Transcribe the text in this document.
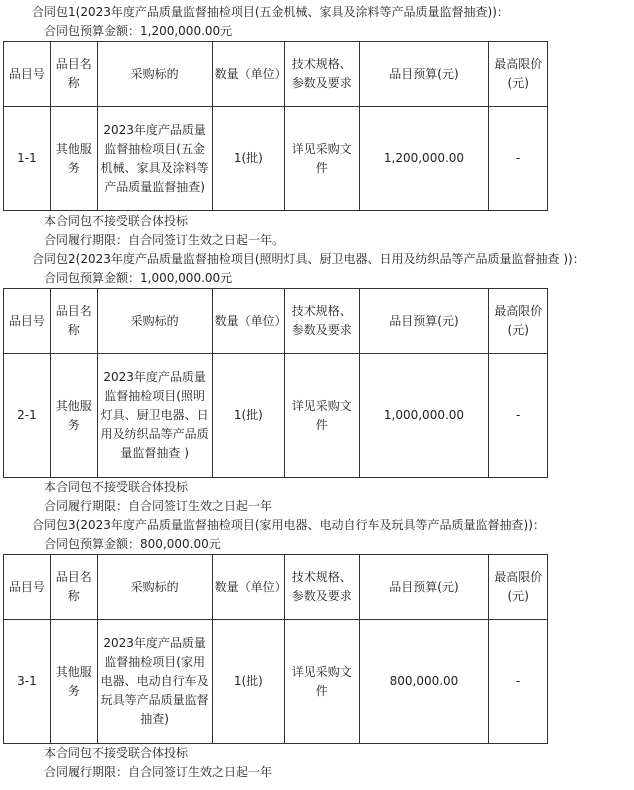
合同包1(2023年度产品质量监督抽检项目(五金机械、家具及涂料等产品质量监督抽查))：
合同包预算金额：1,200,000.00元
品目号	品目名称	采购标的	数量（单位）	技术规格、参数及要求	品目预算(元)	最高限价(元)
1-1	其他服务	2023年度产品质量监督抽检项目(五金机械、家具及涂料等产品质量监督抽查)	1(批)	详见采购文件	1,200,000.00	-
本合同包不接受联合体投标
合同履行期限：自合同签订生效之日起一年。
合同包2(2023年度产品质量监督抽检项目(照明灯具、厨卫电器、日用及纺织品等产品质量监督抽查 ))：
合同包预算金额：1,000,000.00元
品目号	品目名称	采购标的	数量（单位）	技术规格、参数及要求	品目预算(元)	最高限价(元)
2-1	其他服务	2023年度产品质量监督抽检项目(照明灯具、厨卫电器、日用及纺织品等产品质量监督抽查 )	1(批)	详见采购文件	1,000,000.00	-
本合同包不接受联合体投标
合同履行期限：自合同签订生效之日起一年
合同包3(2023年度产品质量监督抽检项目(家用电器、电动自行车及玩具等产品质量监督抽查))：
合同包预算金额：800,000.00元
品目号	品目名称	采购标的	数量（单位）	技术规格、参数及要求	品目预算(元)	最高限价(元)
3-1	其他服务	2023年度产品质量监督抽检项目(家用电器、电动自行车及玩具等产品质量监督抽查)	1(批)	详见采购文件	800,000.00	-
本合同包不接受联合体投标
合同履行期限：自合同签订生效之日起一年
